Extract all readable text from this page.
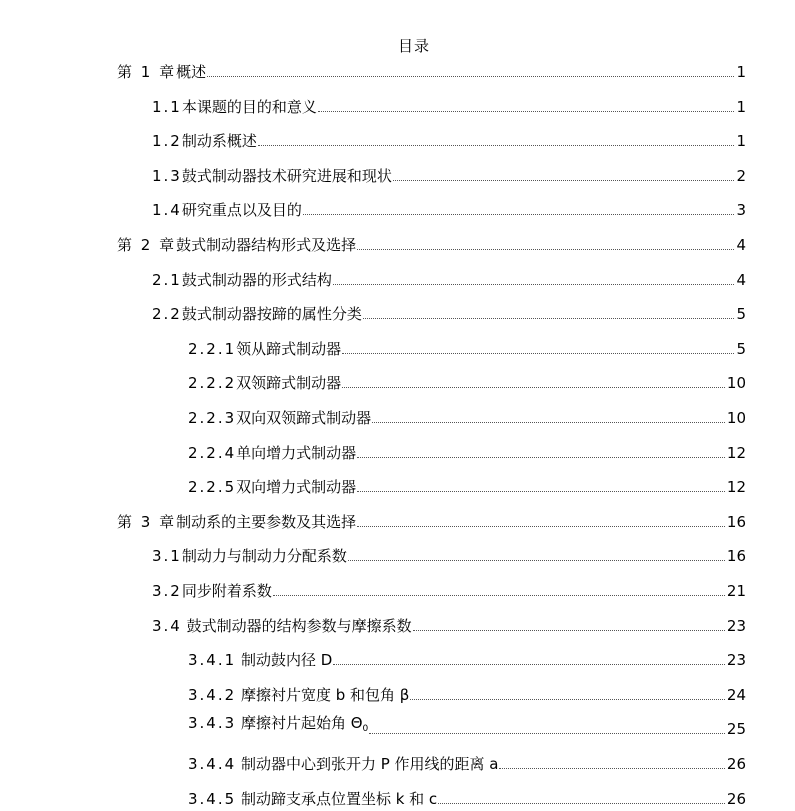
目录
第 1 章概述	1
1.1本课题的目的和意义	1
1.2制动系概述	1
1.3鼓式制动器技术研究进展和现状	2
1.4研究重点以及目的	3
第 2 章鼓式制动器结构形式及选择	4
2.1鼓式制动器的形式结构	4
2.2鼓式制动器按蹄的属性分类	5
2.2.1领从蹄式制动器	5
2.2.2双领蹄式制动器	10
2.2.3双向双领蹄式制动器	10
2.2.4单向增力式制动器	12
2.2.5双向增力式制动器	12
第 3 章制动系的主要参数及其选择	16
3.1制动力与制动力分配系数	16
3.2同步附着系数	21
3.4 鼓式制动器的结构参数与摩擦系数	23
3.4.1 制动鼓内径 D	23
3.4.2 摩擦衬片宽度 b 和包角 β	24
3.4.3 摩擦衬片起始角 $\Theta_0$	25
3.4.4 制动器中心到张开力 P 作用线的距离 a	26
3.4.5 制动蹄支承点位置坐标 k 和 c	26
